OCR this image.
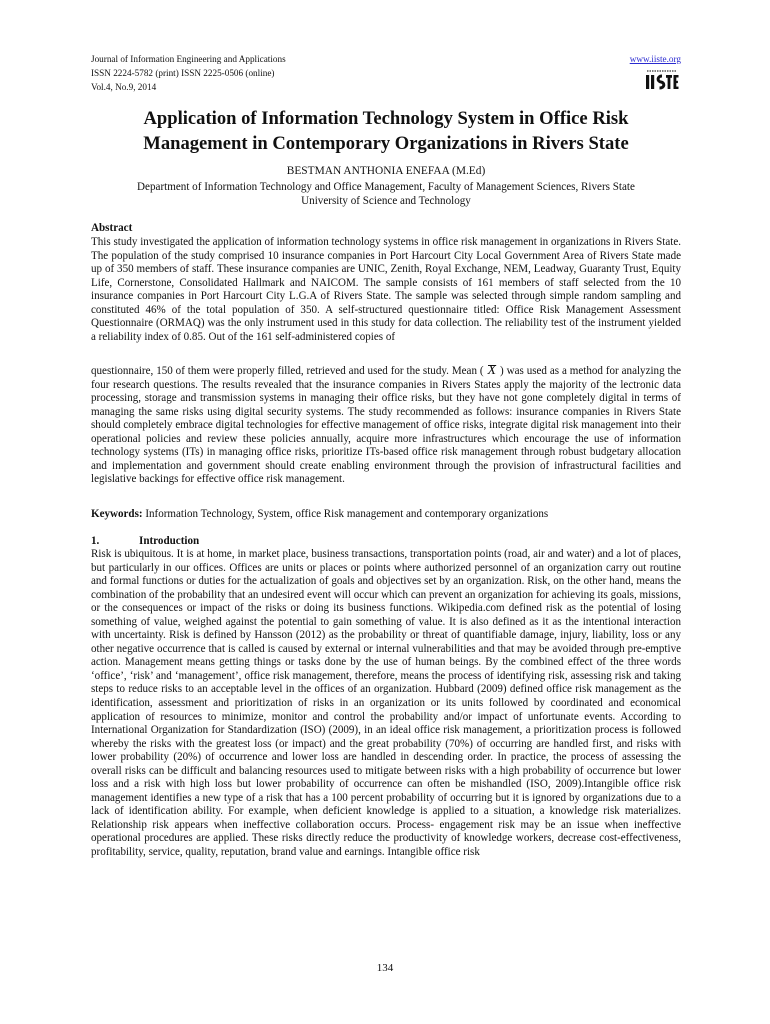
Journal of Information Engineering and Applications
ISSN 2224-5782 (print) ISSN 2225-0506 (online)
Vol.4, No.9, 2014
www.iiste.org
Application of Information Technology System in Office Risk
Management in Contemporary Organizations in Rivers State
BESTMAN ANTHONIA ENEFAA (M.Ed)
Department of Information Technology and Office Management, Faculty of Management Sciences, Rivers State
University of Science and Technology
Abstract
This study investigated the application of information technology systems in office risk management in organizations in Rivers State. The population of the study comprised 10 insurance companies in Port Harcourt City Local Government Area of Rivers State made up of 350 members of staff. These insurance companies are UNIC, Zenith, Royal Exchange, NEM, Leadway, Guaranty Trust, Equity Life, Cornerstone, Consolidated Hallmark and NAICOM. The sample consists of 161 members of staff selected from the 10 insurance companies in Port Harcourt City L.G.A of Rivers State. The sample was selected through simple random sampling and constituted 46% of the total population of 350. A self-structured questionnaire titled: Office Risk Management Assessment Questionnaire (ORMAQ) was the only instrument used in this study for data collection. The reliability test of the instrument yielded a reliability index of 0.85. Out of the 161 self-administered copies of
questionnaire, 150 of them were properly filled, retrieved and used for the study. Mean ( X ) was used as a method for analyzing the four research questions. The results revealed that the insurance companies in Rivers States apply the majority of the lectronic data processing, storage and transmission systems in managing their office risks, but they have not gone completely digital in terms of managing the same risks using digital security systems. The study recommended as follows: insurance companies in Rivers State should completely embrace digital technologies for effective management of office risks, integrate digital risk management into their operational policies and review these policies annually, acquire more infrastructures which encourage the use of information technology systems (ITs) in managing office risks, prioritize ITs-based office risk management through robust budgetary allocation and implementation and government should create enabling environment through the provision of infrastructural facilities and legislative backings for effective office risk management.
Keywords: Information Technology, System, office Risk management and contemporary organizations
1.	Introduction
Risk is ubiquitous. It is at home, in market place, business transactions, transportation points (road, air and water) and a lot of places, but particularly in our offices. Offices are units or places or points where authorized personnel of an organization carry out routine and formal functions or duties for the actualization of goals and objectives set by an organization. Risk, on the other hand, means the combination of the probability that an undesired event will occur which can prevent an organization for achieving its goals, missions, or the consequences or impact of the risks or doing its business functions. Wikipedia.com defined risk as the potential of losing something of value, weighed against the potential to gain something of value. It is also defined as it as the intentional interaction with uncertainty. Risk is defined by Hansson (2012) as the probability or threat of quantifiable damage, injury, liability, loss or any other negative occurrence that is called is caused by external or internal vulnerabilities and that may be avoided through pre-emptive action. Management means getting things or tasks done by the use of human beings. By the combined effect of the three words ‘office’, ‘risk’ and ‘management’, office risk management, therefore, means the process of identifying risk, assessing risk and taking steps to reduce risks to an acceptable level in the offices of an organization. Hubbard (2009) defined office risk management as the identification, assessment and prioritization of risks in an organization or its units followed by coordinated and economical application of resources to minimize, monitor and control the probability and/or impact of unfortunate events. According to International Organization for Standardization (ISO) (2009), in an ideal office risk management, a prioritization process is followed whereby the risks with the greatest loss (or impact) and the great probability (70%) of occurring are handled first, and risks with lower probability (20%) of occurrence and lower loss are handled in descending order. In practice, the process of assessing the overall risks can be difficult and balancing resources used to mitigate between risks with a high probability of occurrence but lower loss and a risk with high loss but lower probability of occurrence can often be mishandled (ISO, 2009).Intangible office risk management identifies a new type of a risk that has a 100 percent probability of occurring but it is ignored by organizations due to a lack of identification ability. For example, when deficient knowledge is applied to a situation, a knowledge risk materializes. Relationship risk appears when ineffective collaboration occurs. Process- engagement risk may be an issue when ineffective operational procedures are applied. These risks directly reduce the productivity of knowledge workers, decrease cost-effectiveness, profitability, service, quality, reputation, brand value and earnings. Intangible office risk
134
